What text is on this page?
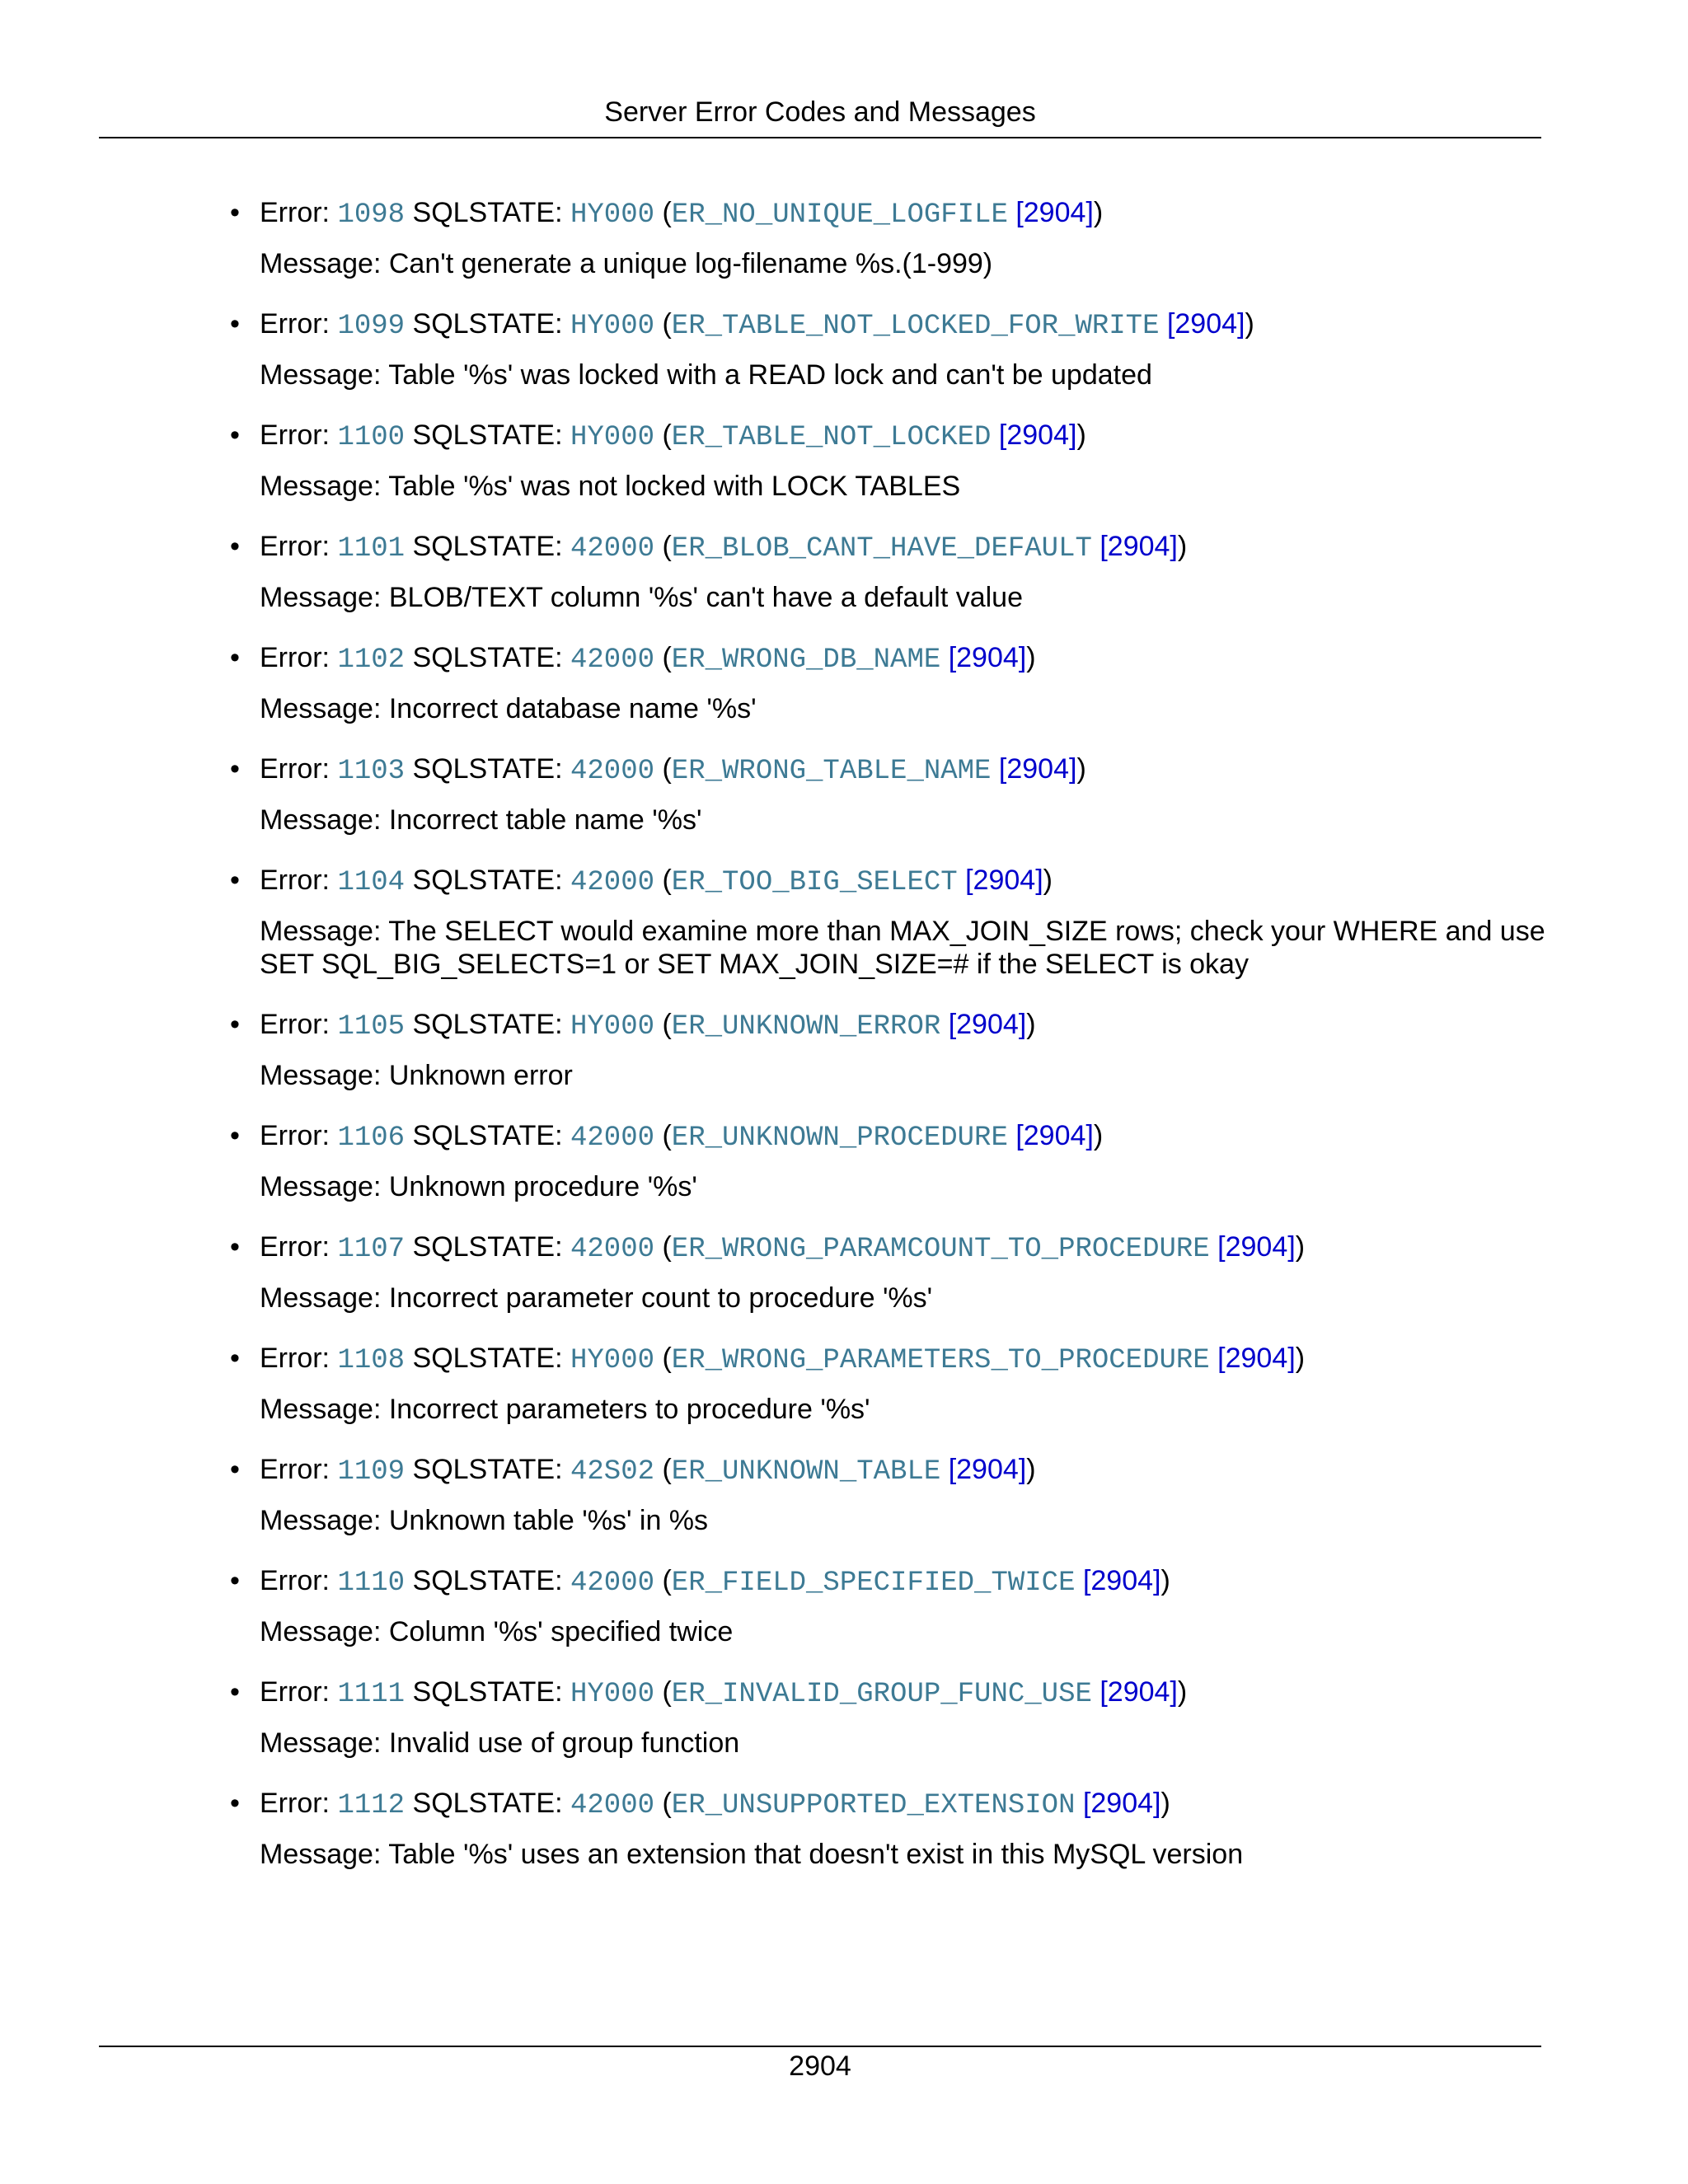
Server Error Codes and Messages
• Error: 1098 SQLSTATE: HY000 (ER_NO_UNIQUE_LOGFILE [2904])
Message: Can't generate a unique log-filename %s.(1-999)
• Error: 1099 SQLSTATE: HY000 (ER_TABLE_NOT_LOCKED_FOR_WRITE [2904])
Message: Table '%s' was locked with a READ lock and can't be updated
• Error: 1100 SQLSTATE: HY000 (ER_TABLE_NOT_LOCKED [2904])
Message: Table '%s' was not locked with LOCK TABLES
• Error: 1101 SQLSTATE: 42000 (ER_BLOB_CANT_HAVE_DEFAULT [2904])
Message: BLOB/TEXT column '%s' can't have a default value
• Error: 1102 SQLSTATE: 42000 (ER_WRONG_DB_NAME [2904])
Message: Incorrect database name '%s'
• Error: 1103 SQLSTATE: 42000 (ER_WRONG_TABLE_NAME [2904])
Message: Incorrect table name '%s'
• Error: 1104 SQLSTATE: 42000 (ER_TOO_BIG_SELECT [2904])
Message: The SELECT would examine more than MAX_JOIN_SIZE rows; check your WHERE and use SET SQL_BIG_SELECTS=1 or SET MAX_JOIN_SIZE=# if the SELECT is okay
• Error: 1105 SQLSTATE: HY000 (ER_UNKNOWN_ERROR [2904])
Message: Unknown error
• Error: 1106 SQLSTATE: 42000 (ER_UNKNOWN_PROCEDURE [2904])
Message: Unknown procedure '%s'
• Error: 1107 SQLSTATE: 42000 (ER_WRONG_PARAMCOUNT_TO_PROCEDURE [2904])
Message: Incorrect parameter count to procedure '%s'
• Error: 1108 SQLSTATE: HY000 (ER_WRONG_PARAMETERS_TO_PROCEDURE [2904])
Message: Incorrect parameters to procedure '%s'
• Error: 1109 SQLSTATE: 42S02 (ER_UNKNOWN_TABLE [2904])
Message: Unknown table '%s' in %s
• Error: 1110 SQLSTATE: 42000 (ER_FIELD_SPECIFIED_TWICE [2904])
Message: Column '%s' specified twice
• Error: 1111 SQLSTATE: HY000 (ER_INVALID_GROUP_FUNC_USE [2904])
Message: Invalid use of group function
• Error: 1112 SQLSTATE: 42000 (ER_UNSUPPORTED_EXTENSION [2904])
Message: Table '%s' uses an extension that doesn't exist in this MySQL version
2904
